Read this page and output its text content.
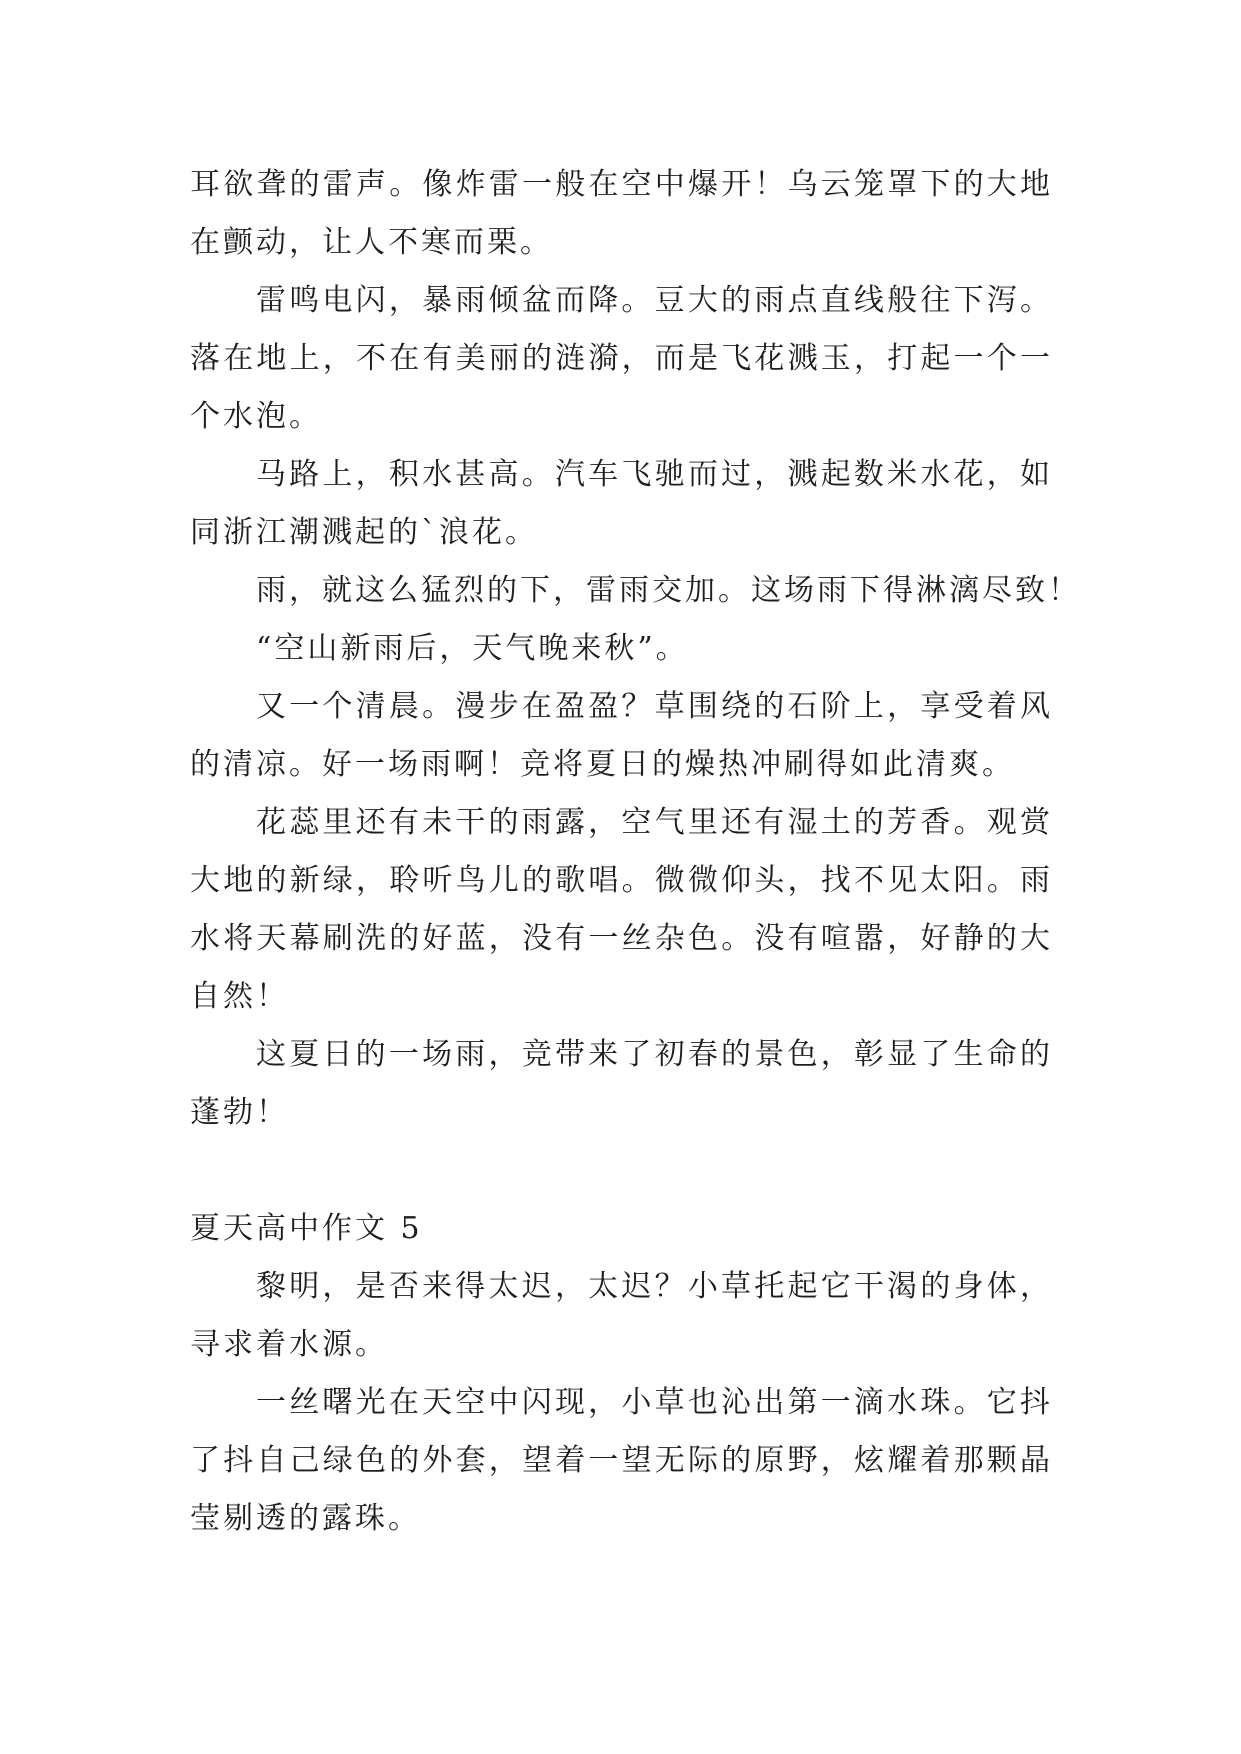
耳欲聋的雷声。像炸雷一般在空中爆开！乌云笼罩下的大地
在颤动，让人不寒而栗。
雷鸣电闪，暴雨倾盆而降。豆大的雨点直线般往下泻。
落在地上，不在有美丽的涟漪，而是飞花溅玉，打起一个一
个水泡。
马路上，积水甚高。汽车飞驰而过，溅起数米水花，如
同浙江潮溅起的`浪花。
雨，就这么猛烈的下，雷雨交加。这场雨下得淋漓尽致！
“空山新雨后，天气晚来秋”。
又一个清晨。漫步在盈盈？草围绕的石阶上，享受着风
的清凉。好一场雨啊！竞将夏日的燥热冲刷得如此清爽。
花蕊里还有未干的雨露，空气里还有湿土的芳香。观赏
大地的新绿，聆听鸟儿的歌唱。微微仰头，找不见太阳。雨
水将天幕刷洗的好蓝，没有一丝杂色。没有喧嚣，好静的大
自然！
这夏日的一场雨，竞带来了初春的景色，彰显了生命的
蓬勃！
夏天高中作文 5
黎明，是否来得太迟，太迟？小草托起它干渴的身体，
寻求着水源。
一丝曙光在天空中闪现，小草也沁出第一滴水珠。它抖
了抖自己绿色的外套，望着一望无际的原野，炫耀着那颗晶
莹剔透的露珠。
